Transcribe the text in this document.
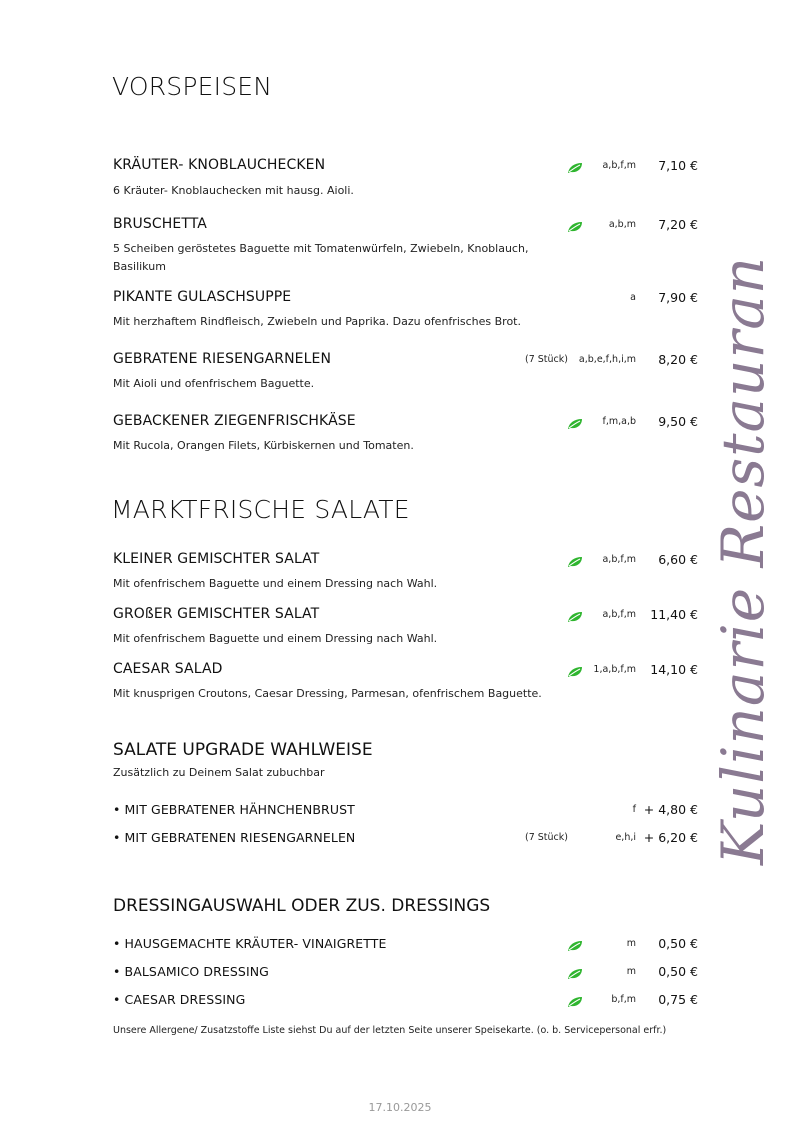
VORSPEISEN
KRÄUTER- KNOBLAUCHECKEN	a,b,f,m 7,10 €
6 Kräuter- Knoblauchecken mit hausg. Aioli.
BRUSCHETTA	a,b,m 7,20 €
5 Scheiben geröstetes Baguette mit Tomatenwürfeln, Zwiebeln, Knoblauch,
Basilikum
PIKANTE GULASCHSUPPE	a 7,90 €
Mit herzhaftem Rindfleisch, Zwiebeln und Paprika. Dazu ofenfrisches Brot.
GEBRATENE RIESENGARNELEN	(7 Stück) a,b,e,f,h,i,m 8,20 €
Mit Aioli und ofenfrischem Baguette.
GEBACKENER ZIEGENFRISCHKÄSE	f,m,a,b 9,50 €
Mit Rucola, Orangen Filets, Kürbiskernen und Tomaten.
MARKTFRISCHE SALATE
KLEINER GEMISCHTER SALAT	a,b,f,m 6,60 €
Mit ofenfrischem Baguette und einem Dressing nach Wahl.
GROßER GEMISCHTER SALAT	a,b,f,m 11,40 €
Mit ofenfrischem Baguette und einem Dressing nach Wahl.
CAESAR SALAD	1,a,b,f,m 14,10 €
Mit knusprigen Croutons, Caesar Dressing, Parmesan, ofenfrischem Baguette.
SALATE UPGRADE WAHLWEISE
Zusätzlich zu Deinem Salat zubuchbar
• MIT GEBRATENER HÄHNCHENBRUST	f + 4,80 €
• MIT GEBRATENEN RIESENGARNELEN	(7 Stück)	e,h,i + 6,20 €
DRESSINGAUSWAHL ODER ZUS. DRESSINGS
• HAUSGEMACHTE KRÄUTER- VINAIGRETTE	m 0,50 €
• BALSAMICO DRESSING	m 0,50 €
• CAESAR DRESSING	b,f,m 0,75 €
Unsere Allergene/ Zusatzstoffe Liste siehst Du auf der letzten Seite unserer Speisekarte. (o. b. Servicepersonal erfr.)
Kulinarie Restaurant
17.10.2025
